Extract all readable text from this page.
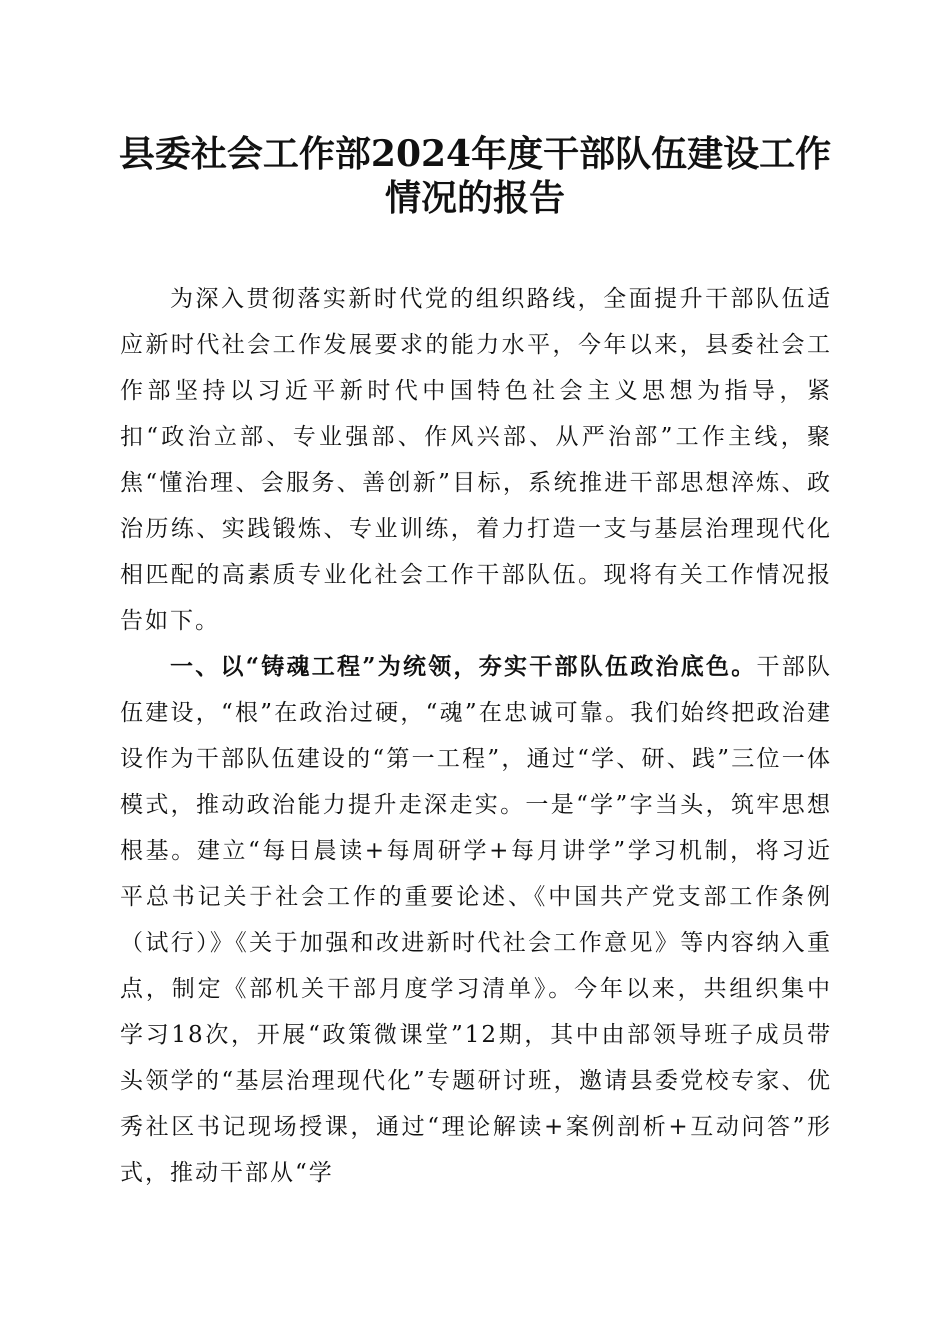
县委社会工作部2024年度干部队伍建设工作
情况的报告

为深入贯彻落实新时代党的组织路线，全面提升干部队伍适应新时代社会工作发展要求的能力水平，今年以来，县委社会工作部坚持以习近平新时代中国特色社会主义思想为指导，紧扣“政治立部、专业强部、作风兴部、从严治部”工作主线，聚焦“懂治理、会服务、善创新”目标，系统推进干部思想淬炼、政治历练、实践锻炼、专业训练，着力打造一支与基层治理现代化相匹配的高素质专业化社会工作干部队伍。现将有关工作情况报告如下。

一、以“铸魂工程”为统领，夯实干部队伍政治底色。干部队伍建设，“根”在政治过硬，“魂”在忠诚可靠。我们始终把政治建设作为干部队伍建设的“第一工程”，通过“学、研、践”三位一体模式，推动政治能力提升走深走实。一是“学”字当头，筑牢思想根基。建立“每日晨读+每周研学+每月讲学”学习机制，将习近平总书记关于社会工作的重要论述、《中国共产党支部工作条例（试行）》《关于加强和改进新时代社会工作意见》等内容纳入重点，制定《部机关干部月度学习清单》。今年以来，共组织集中学习18次，开展“政策微课堂”12期，其中由部领导班子成员带头领学的“基层治理现代化”专题研讨班，邀请县委党校专家、优秀社区书记现场授课，通过“理论解读+案例剖析+互动问答”形式，推动干部从“学
